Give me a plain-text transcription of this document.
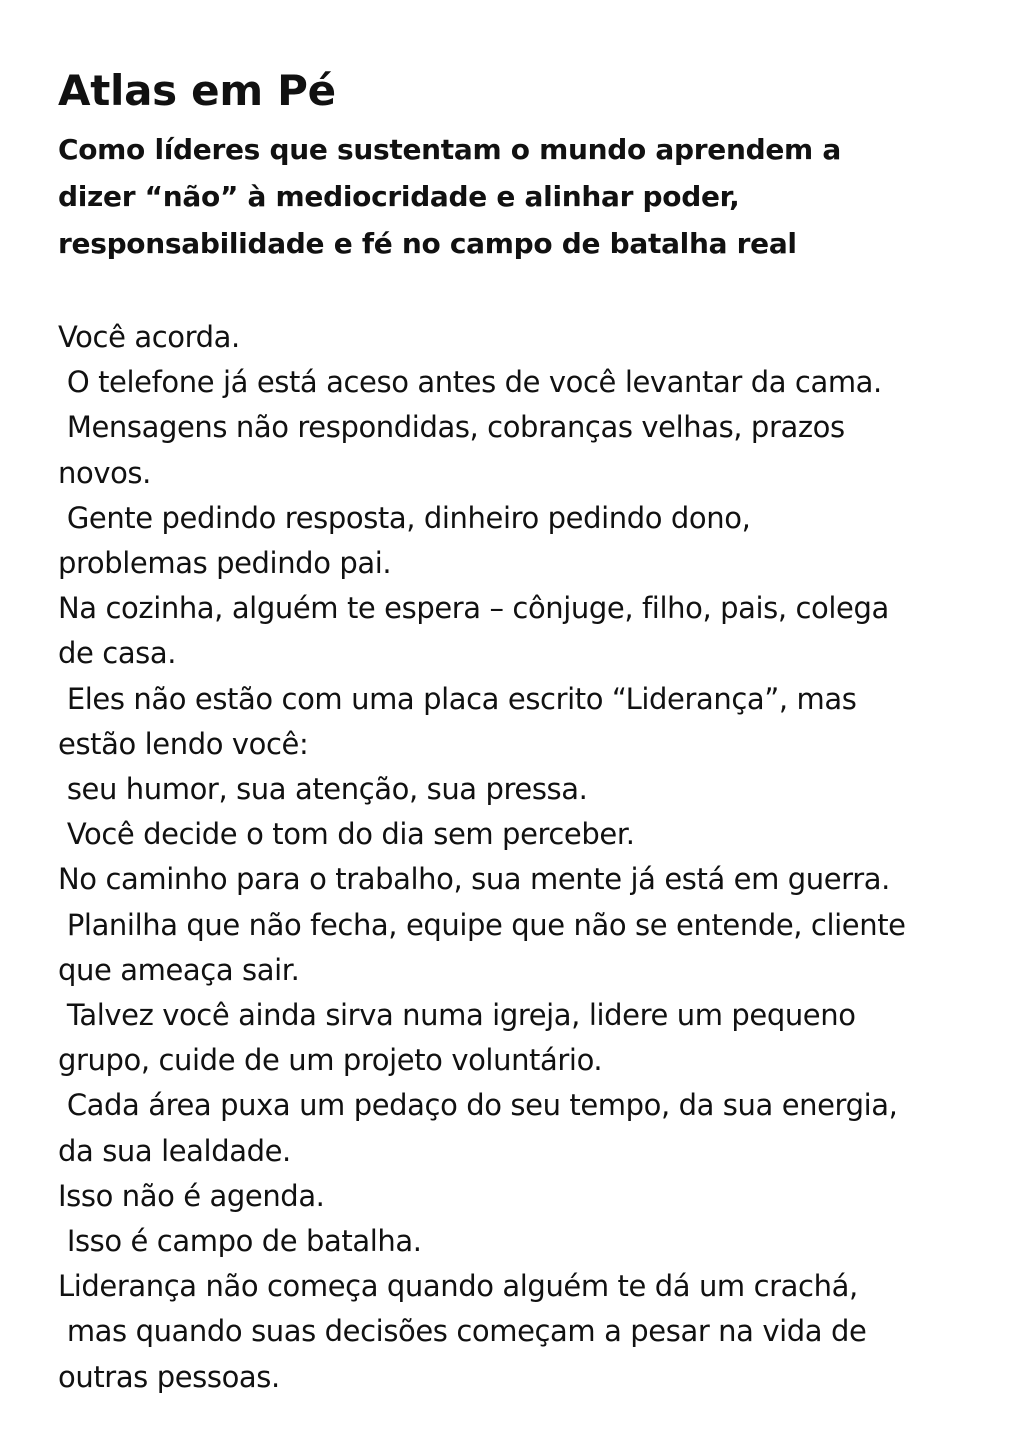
Atlas em Pé
Como líderes que sustentam o mundo aprendem a
dizer “não” à mediocridade e alinhar poder,
responsabilidade e fé no campo de batalha real
Você acorda.
O telefone já está aceso antes de você levantar da cama.
Mensagens não respondidas, cobranças velhas, prazos
novos.
Gente pedindo resposta, dinheiro pedindo dono,
problemas pedindo pai.
Na cozinha, alguém te espera – cônjuge, filho, pais, colega
de casa.
Eles não estão com uma placa escrito “Liderança”, mas
estão lendo você:
seu humor, sua atenção, sua pressa.
Você decide o tom do dia sem perceber.
No caminho para o trabalho, sua mente já está em guerra.
Planilha que não fecha, equipe que não se entende, cliente
que ameaça sair.
Talvez você ainda sirva numa igreja, lidere um pequeno
grupo, cuide de um projeto voluntário.
Cada área puxa um pedaço do seu tempo, da sua energia,
da sua lealdade.
Isso não é agenda.
Isso é campo de batalha.
Liderança não começa quando alguém te dá um crachá,
mas quando suas decisões começam a pesar na vida de
outras pessoas.
